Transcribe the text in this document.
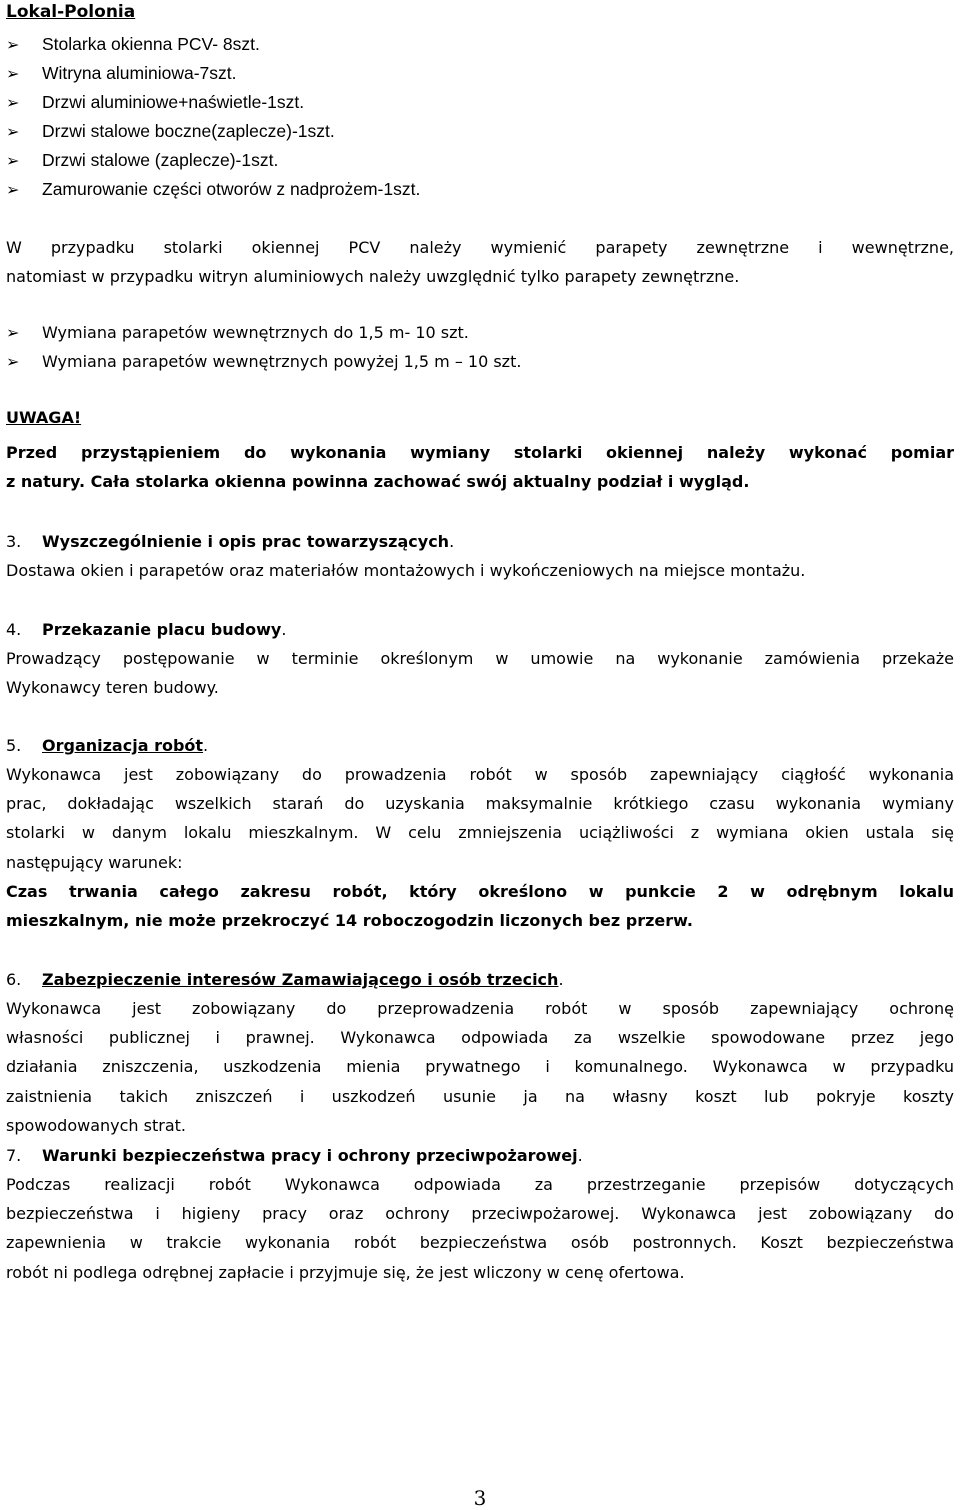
Lokal-Polonia
➢ Stolarka okienna PCV- 8szt.
➢ Witryna aluminiowa-7szt.
➢ Drzwi aluminiowe+naświetle-1szt.
➢ Drzwi stalowe boczne(zaplecze)-1szt.
➢ Drzwi stalowe (zaplecze)-1szt.
➢ Zamurowanie części otworów z nadprożem-1szt.
W przypadku stolarki okiennej PCV należy wymienić parapety zewnętrzne i wewnętrzne,
natomiast w przypadku witryn aluminiowych należy uwzględnić tylko parapety zewnętrzne.
➢ Wymiana parapetów wewnętrznych do 1,5 m- 10 szt.
➢ Wymiana parapetów wewnętrznych powyżej 1,5 m – 10 szt.
UWAGA!
Przed przystąpieniem do wykonania wymiany stolarki okiennej należy wykonać pomiar
z natury. Cała stolarka okienna powinna zachować swój aktualny podział i wygląd.
3. Wyszczególnienie i opis prac towarzyszących.
Dostawa okien i parapetów oraz materiałów montażowych i wykończeniowych na miejsce montażu.
4. Przekazanie placu budowy.
Prowadzący postępowanie w terminie określonym w umowie na wykonanie zamówienia przekaże
Wykonawcy teren budowy.
5. Organizacja robót.
Wykonawca jest zobowiązany do prowadzenia robót w sposób zapewniający ciągłość wykonania
prac, dokładając wszelkich starań do uzyskania maksymalnie krótkiego czasu wykonania wymiany
stolarki w danym lokalu mieszkalnym. W celu zmniejszenia uciążliwości z wymiana okien ustala się
następujący warunek:
Czas trwania całego zakresu robót, który określono w punkcie 2 w odrębnym lokalu
mieszkalnym, nie może przekroczyć 14 roboczogodzin liczonych bez przerw.
6. Zabezpieczenie interesów Zamawiającego i osób trzecich.
Wykonawca jest zobowiązany do przeprowadzenia robót w sposób zapewniający ochronę
własności publicznej i prawnej. Wykonawca odpowiada za wszelkie spowodowane przez jego
działania zniszczenia, uszkodzenia mienia prywatnego i komunalnego. Wykonawca w przypadku
zaistnienia takich zniszczeń i uszkodzeń usunie ja na własny koszt lub pokryje koszty
spowodowanych strat.
7. Warunki bezpieczeństwa pracy i ochrony przeciwpożarowej.
Podczas realizacji robót Wykonawca odpowiada za przestrzeganie przepisów dotyczących
bezpieczeństwa i higieny pracy oraz ochrony przeciwpożarowej. Wykonawca jest zobowiązany do
zapewnienia w trakcie wykonania robót bezpieczeństwa osób postronnych. Koszt bezpieczeństwa
robót ni podlega odrębnej zapłacie i przyjmuje się, że jest wliczony w cenę ofertowa.
3
